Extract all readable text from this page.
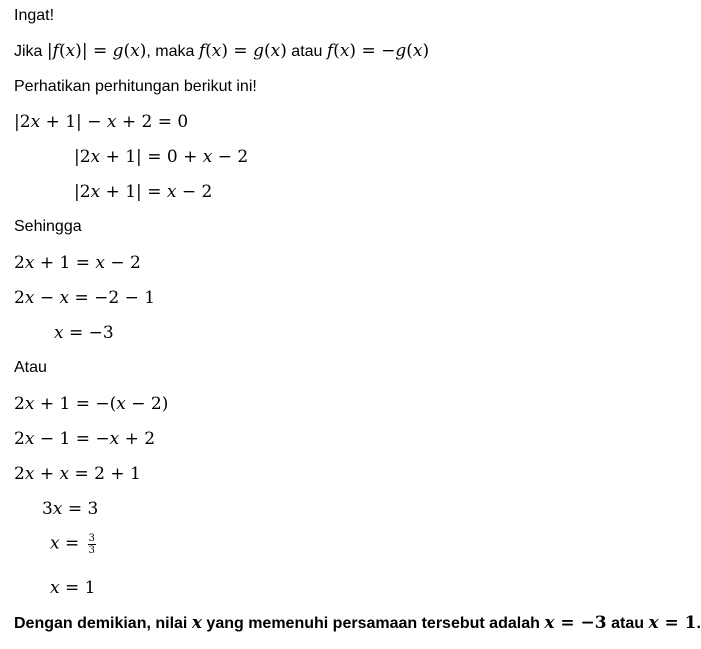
Ingat!
Jika |f(x)| = g(x), maka f(x) = g(x) atau f(x) = −g(x)
Perhatikan perhitungan berikut ini!
|2x + 1| − x + 2 = 0
|2x + 1| = 0 + x − 2
|2x + 1| = x − 2
Sehingga
2x + 1 = x − 2
2x − x = −2 − 1
x = −3
Atau
2x + 1 = −(x − 2)
2x − 1 = −x + 2
2x + x = 2 + 1
3x = 3
$x = \frac{3}{3}$
x = 1
Dengan demikian, nilai x yang memenuhi persamaan tersebut adalah x = −3 atau x = 1.
